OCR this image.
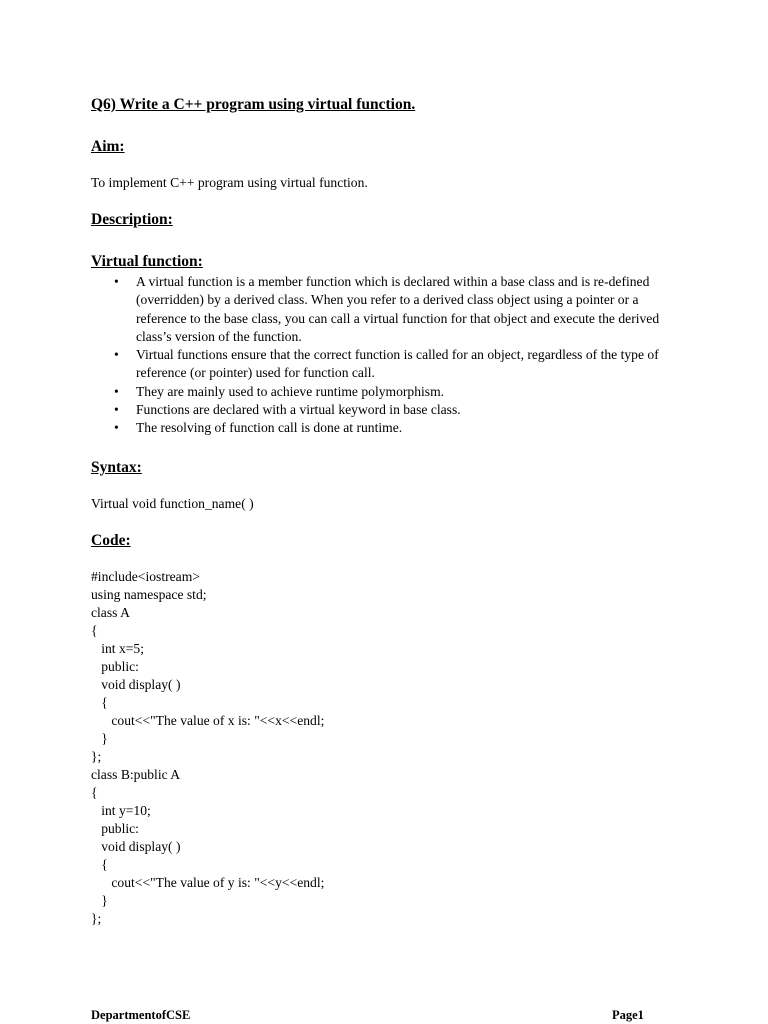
Q6) Write a C++ program using virtual function.
Aim:

To implement C++ program using virtual function.

Description:
Virtual function:
• A virtual function is a member function which is declared within a base class and is re-defined (overridden) by a derived class. When you refer to a derived class object using a pointer or a reference to the base class, you can call a virtual function for that object and execute the derived class’s version of the function.
• Virtual functions ensure that the correct function is called for an object, regardless of the type of reference (or pointer) used for function call.
• They are mainly used to achieve runtime polymorphism.
• Functions are declared with a virtual keyword in base class.
• The resolving of function call is done at runtime.
Syntax:

Virtual void function_name( )

Code:
#include<iostream>
using namespace std;
class A
{
int x=5;
public:
void display( )
{
cout<<"The value of x is: "<<x<<endl;
}
};
class B:public A
{
int y=10;
public:
void display( )
{
cout<<"The value of y is: "<<y<<endl;
}
};
DepartmentofCSE	Page1
